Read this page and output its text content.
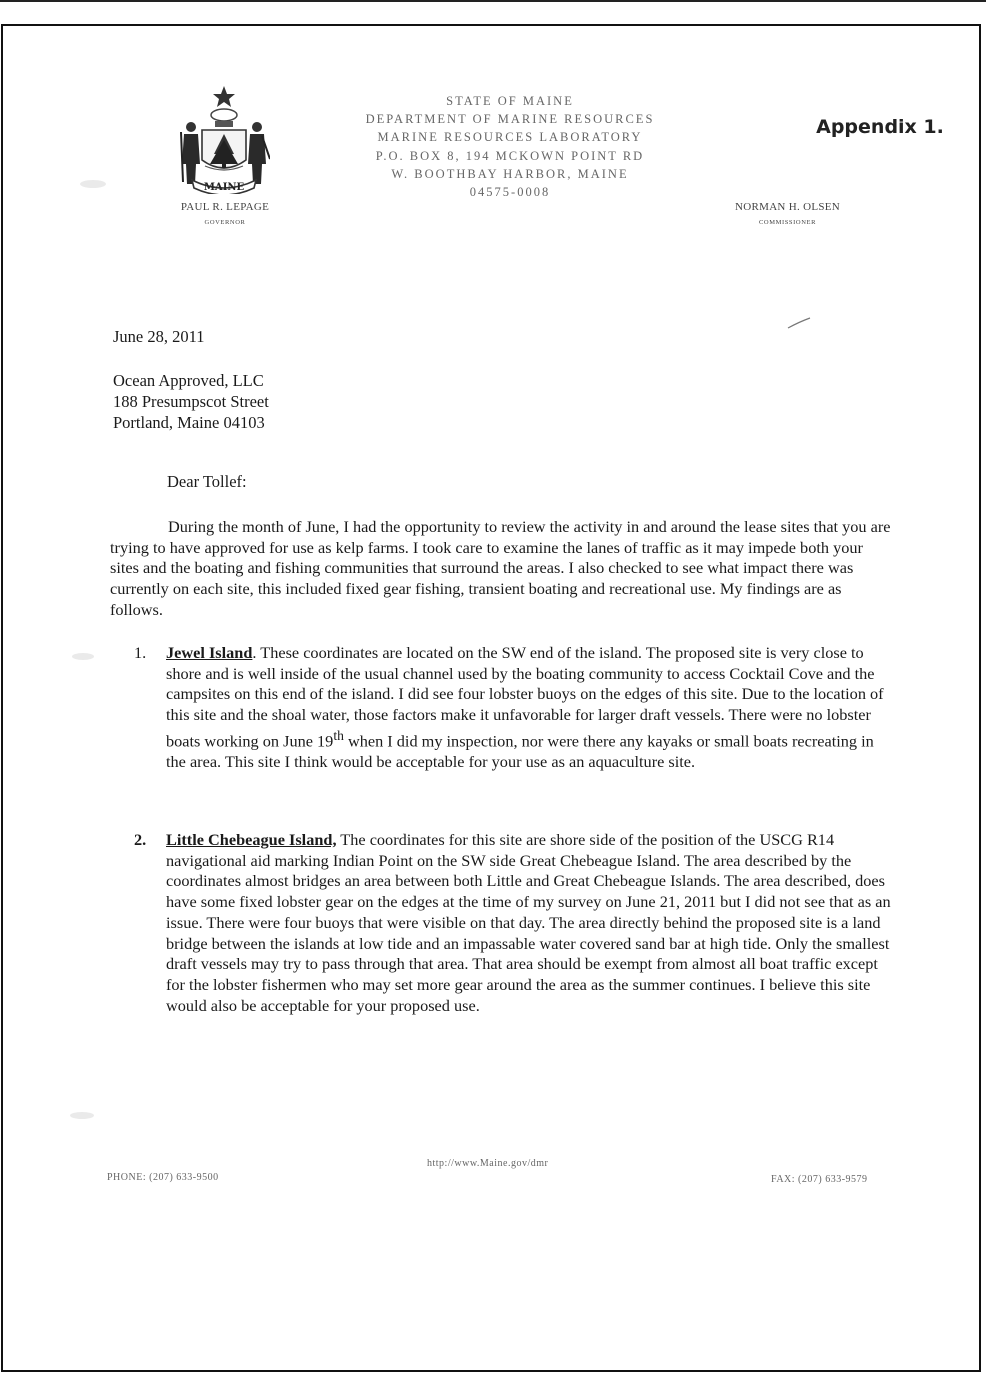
MAINE
PAUL R. LEPAGE
GOVERNOR
STATE OF MAINE
DEPARTMENT OF MARINE RESOURCES
MARINE RESOURCES LABORATORY
P.O. BOX 8, 194 MCKOWN POINT RD
W. BOOTHBAY HARBOR, MAINE
04575-0008
Appendix 1.
NORMAN H. OLSEN
COMMISSIONER
June 28, 2011
Ocean Approved, LLC
188 Presumpscot Street
Portland, Maine 04103
Dear Tollef:

During the month of June, I had the opportunity to review the activity in and around the lease sites that you are trying to have approved for use as kelp farms. I took care to examine the lanes of traffic as it may impede both your sites and the boating and fishing communities that surround the areas. I also checked to see what impact there was currently on each site, this included fixed gear fishing, transient boating and recreational use. My findings are as follows.

1.	Jewel Island. These coordinates are located on the SW end of the island. The proposed site is very close to shore and is well inside of the usual channel used by the boating community to access Cocktail Cove and the campsites on this end of the island. I did see four lobster buoys on the edges of this site. Due to the location of this site and the shoal water, those factors make it unfavorable for larger draft vessels. There were no lobster boats working on June 19th when I did my inspection, nor were there any kayaks or small boats recreating in the area. This site I think would be acceptable for your use as an aquaculture site.
2.	Little Chebeague Island, The coordinates for this site are shore side of the position of the USCG R14 navigational aid marking Indian Point on the SW side Great Chebeague Island. The area described by the coordinates almost bridges an area between both Little and Great Chebeague Islands. The area described, does have some fixed lobster gear on the edges at the time of my survey on June 21, 2011 but I did not see that as an issue. There were four buoys that were visible on that day. The area directly behind the proposed site is a land bridge between the islands at low tide and an impassable water covered sand bar at high tide. Only the smallest draft vessels may try to pass through that area. That area should be exempt from almost all boat traffic except for the lobster fishermen who may set more gear around the area as the summer continues. I believe this site would also be acceptable for your proposed use.
PHONE: (207) 633-9500
http://www.Maine.gov/dmr
FAX: (207) 633-9579
